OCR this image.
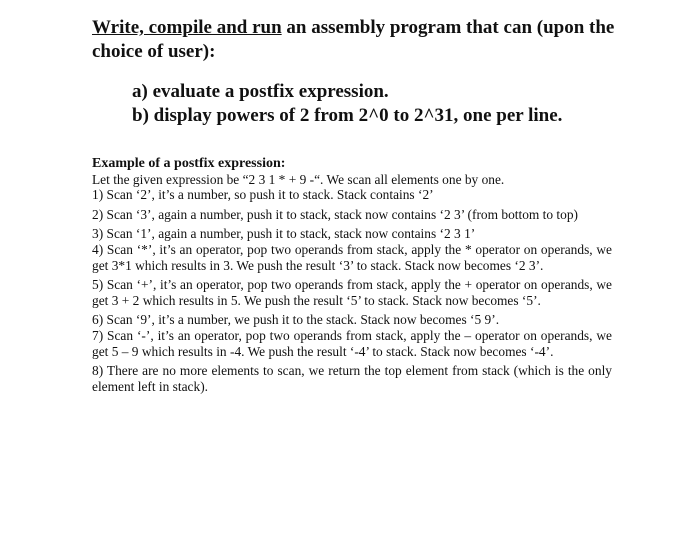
Write, compile and run an assembly program that can (upon the choice of user):

a) evaluate a postfix expression.
b) display powers of 2 from 2^0 to 2^31, one per line.

Example of a postfix expression:

Let the given expression be “2 3 1 * + 9 -“. We scan all elements one by one.

1) Scan ‘2’, it’s a number, so push it to stack. Stack contains ‘2’

2) Scan ‘3’, again a number, push it to stack, stack now contains ‘2 3’ (from bottom to top)

3) Scan ‘1’, again a number, push it to stack, stack now contains ‘2 3 1’

4) Scan ‘*’, it’s an operator, pop two operands from stack, apply the * operator on operands, we get 3*1 which results in 3. We push the result ‘3’ to stack. Stack now becomes ‘2 3’.

5) Scan ‘+’, it’s an operator, pop two operands from stack, apply the + operator on operands, we get 3 + 2 which results in 5. We push the result ‘5’ to stack. Stack now becomes ‘5’.

6) Scan ‘9’, it’s a number, we push it to the stack. Stack now becomes ‘5 9’.

7) Scan ‘-’, it’s an operator, pop two operands from stack, apply the – operator on operands, we get 5 – 9 which results in -4. We push the result ‘-4’ to stack. Stack now becomes ‘-4’.

8) There are no more elements to scan, we return the top element from stack (which is the only element left in stack).
